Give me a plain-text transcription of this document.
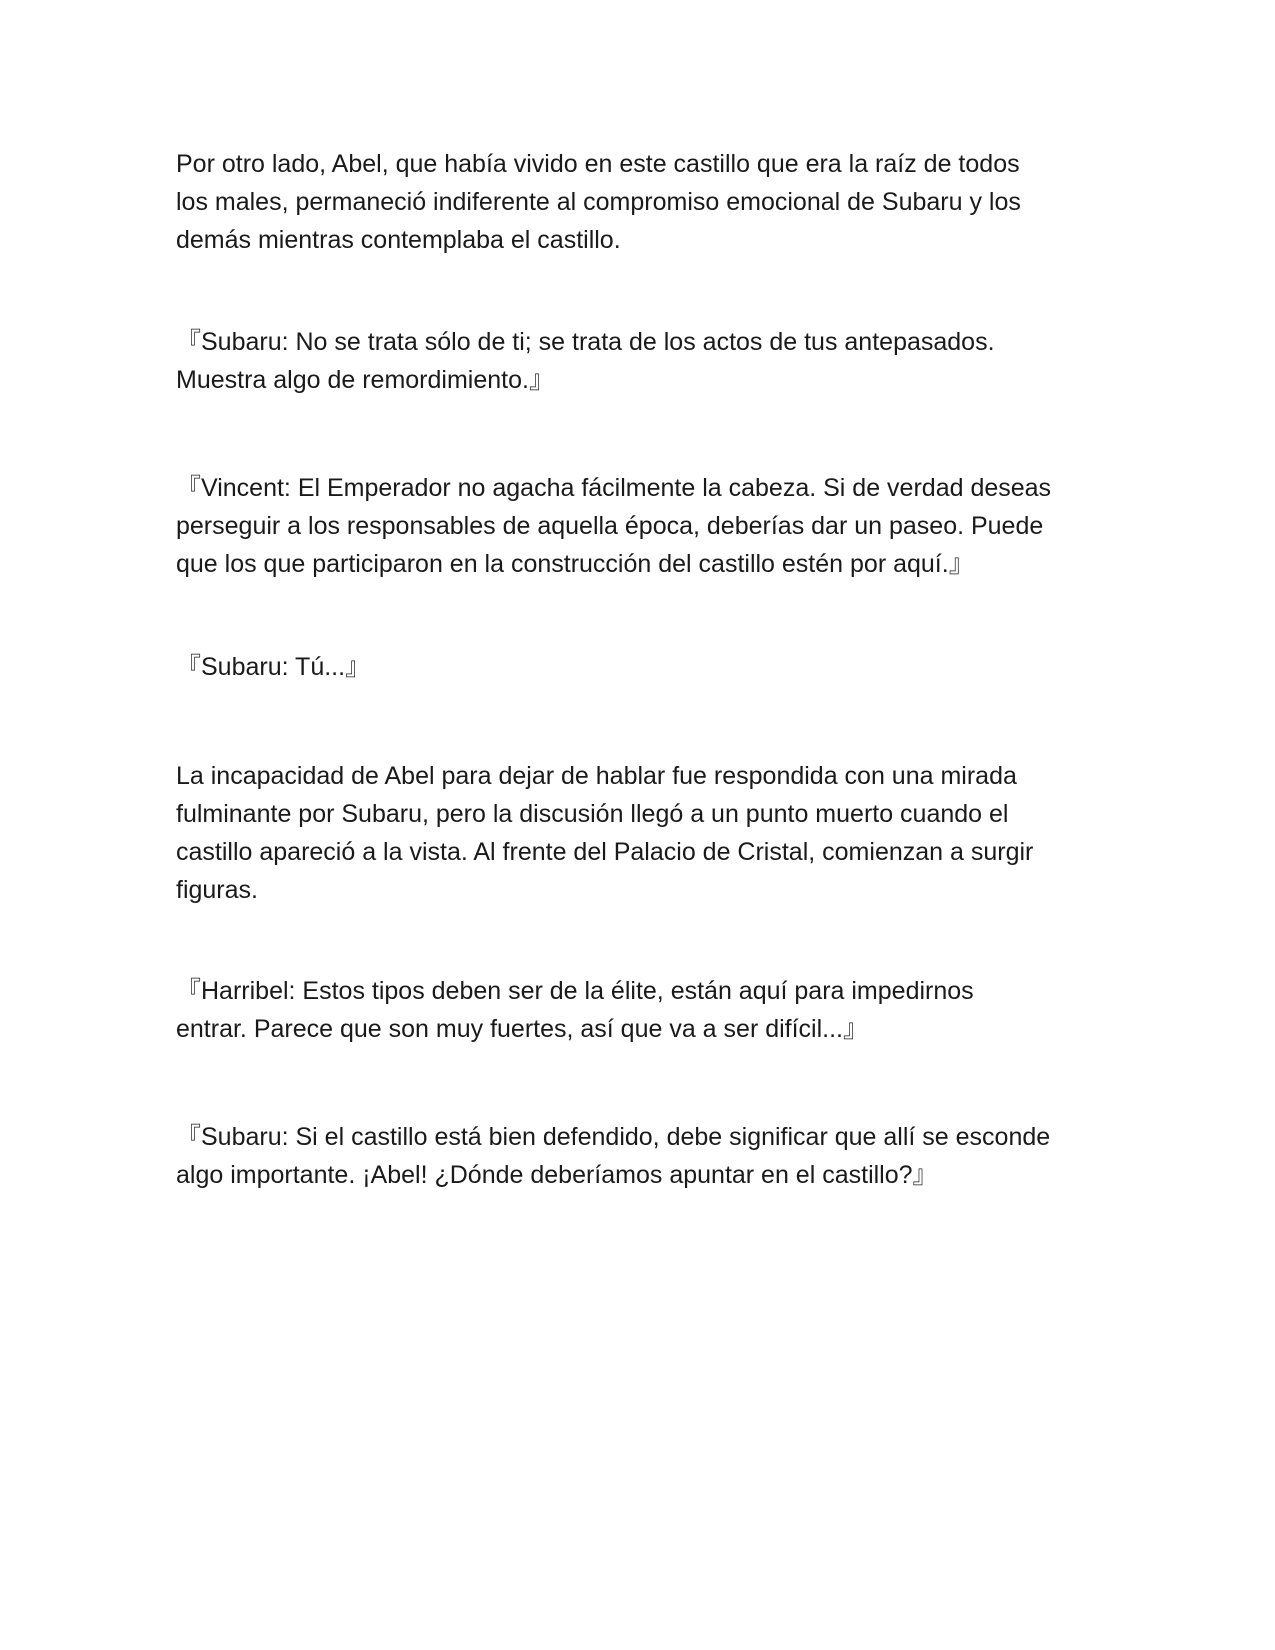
Por otro lado, Abel, que había vivido en este castillo que era la raíz de todos
los males, permaneció indiferente al compromiso emocional de Subaru y los
demás mientras contemplaba el castillo.

『Subaru: No se trata sólo de ti; se trata de los actos de tus antepasados.
Muestra algo de remordimiento.』

『Vincent: El Emperador no agacha fácilmente la cabeza. Si de verdad deseas
perseguir a los responsables de aquella época, deberías dar un paseo. Puede
que los que participaron en la construcción del castillo estén por aquí.』

『Subaru: Tú...』

La incapacidad de Abel para dejar de hablar fue respondida con una mirada
fulminante por Subaru, pero la discusión llegó a un punto muerto cuando el
castillo apareció a la vista. Al frente del Palacio de Cristal, comienzan a surgir
figuras.

『Harribel: Estos tipos deben ser de la élite, están aquí para impedirnos
entrar. Parece que son muy fuertes, así que va a ser difícil...』

『Subaru: Si el castillo está bien defendido, debe significar que allí se esconde
algo importante. ¡Abel! ¿Dónde deberíamos apuntar en el castillo?』
